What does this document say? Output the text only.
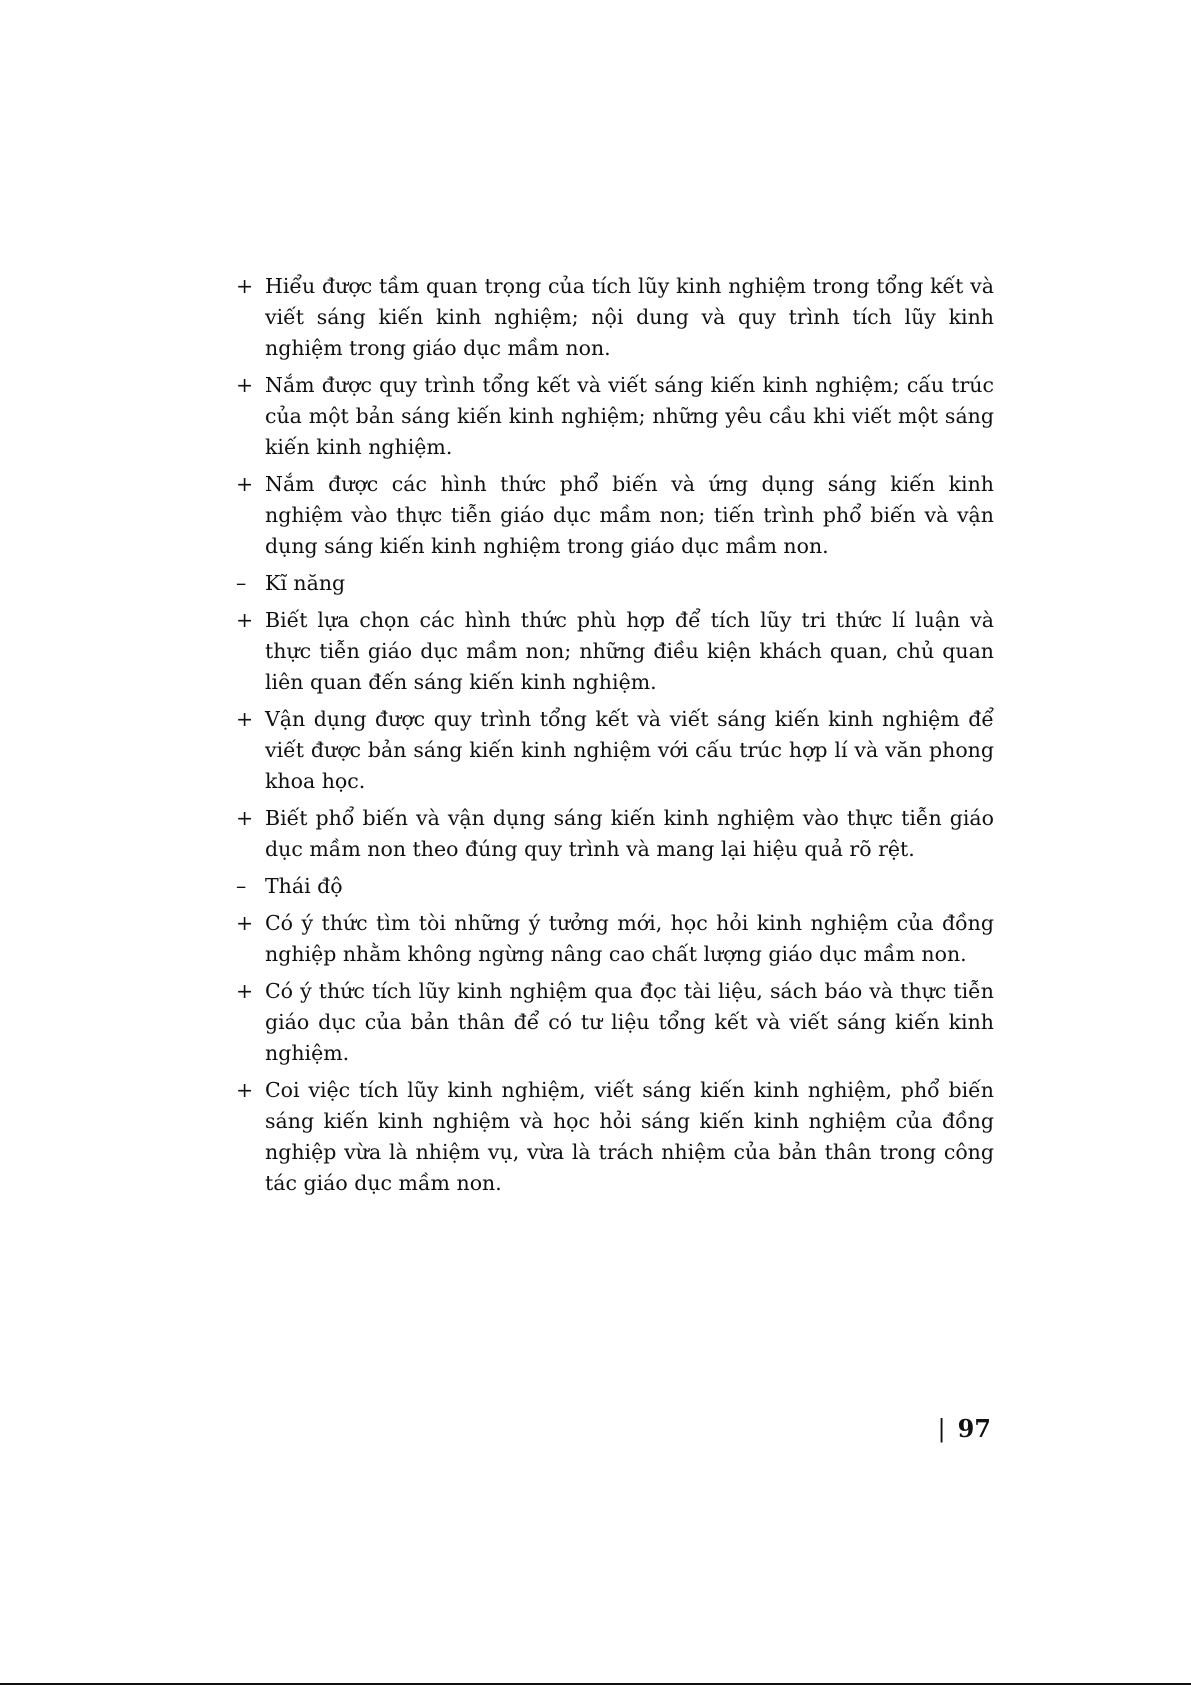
+ Hiểu được tầm quan trọng của tích lũy kinh nghiệm trong tổng kết và viết sáng kiến kinh nghiệm; nội dung và quy trình tích lũy kinh nghiệm trong giáo dục mầm non.
+ Nắm được quy trình tổng kết và viết sáng kiến kinh nghiệm; cấu trúc của một bản sáng kiến kinh nghiệm; những yêu cầu khi viết một sáng kiến kinh nghiệm.
+ Nắm được các hình thức phổ biến và ứng dụng sáng kiến kinh nghiệm vào thực tiễn giáo dục mầm non; tiến trình phổ biến và vận dụng sáng kiến kinh nghiệm trong giáo dục mầm non.
– Kĩ năng
+ Biết lựa chọn các hình thức phù hợp để tích lũy tri thức lí luận và thực tiễn giáo dục mầm non; những điều kiện khách quan, chủ quan liên quan đến sáng kiến kinh nghiệm.
+ Vận dụng được quy trình tổng kết và viết sáng kiến kinh nghiệm để viết được bản sáng kiến kinh nghiệm với cấu trúc hợp lí và văn phong khoa học.
+ Biết phổ biến và vận dụng sáng kiến kinh nghiệm vào thực tiễn giáo dục mầm non theo đúng quy trình và mang lại hiệu quả rõ rệt.
– Thái độ
+ Có ý thức tìm tòi những ý tưởng mới, học hỏi kinh nghiệm của đồng nghiệp nhằm không ngừng nâng cao chất lượng giáo dục mầm non.
+ Có ý thức tích lũy kinh nghiệm qua đọc tài liệu, sách báo và thực tiễn giáo dục của bản thân để có tư liệu tổng kết và viết sáng kiến kinh nghiệm.
+ Coi việc tích lũy kinh nghiệm, viết sáng kiến kinh nghiệm, phổ biến sáng kiến kinh nghiệm và học hỏi sáng kiến kinh nghiệm của đồng nghiệp vừa là nhiệm vụ, vừa là trách nhiệm của bản thân trong công tác giáo dục mầm non.
| 97
